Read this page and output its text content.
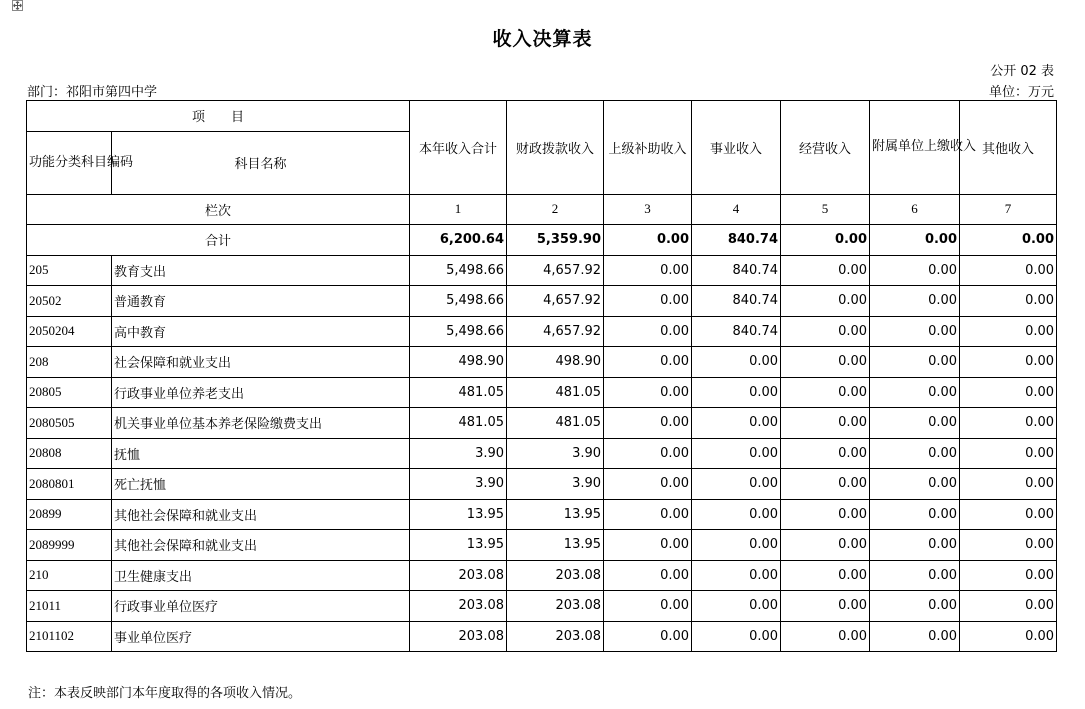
收入决算表
公开 02 表
部门：祁阳市第四中学	单位：万元
项　　目		本年收入合计	财政拨款收入	上级补助收入	事业收入	经营收入	附属单位上缴收入	其他收入
功能分类科目编码	科目名称							
栏次		1	2	3	4	5	6	7
合计		6,200.64	5,359.90	0.00	840.74	0.00	0.00	0.00
205	教育支出	5,498.66	4,657.92	0.00	840.74	0.00	0.00	0.00
20502	普通教育	5,498.66	4,657.92	0.00	840.74	0.00	0.00	0.00
2050204	高中教育	5,498.66	4,657.92	0.00	840.74	0.00	0.00	0.00
208	社会保障和就业支出	498.90	498.90	0.00	0.00	0.00	0.00	0.00
20805	行政事业单位养老支出	481.05	481.05	0.00	0.00	0.00	0.00	0.00
2080505	机关事业单位基本养老保险缴费支出	481.05	481.05	0.00	0.00	0.00	0.00	0.00
20808	抚恤	3.90	3.90	0.00	0.00	0.00	0.00	0.00
2080801	死亡抚恤	3.90	3.90	0.00	0.00	0.00	0.00	0.00
20899	其他社会保障和就业支出	13.95	13.95	0.00	0.00	0.00	0.00	0.00
2089999	其他社会保障和就业支出	13.95	13.95	0.00	0.00	0.00	0.00	0.00
210	卫生健康支出	203.08	203.08	0.00	0.00	0.00	0.00	0.00
21011	行政事业单位医疗	203.08	203.08	0.00	0.00	0.00	0.00	0.00
2101102	事业单位医疗	203.08	203.08	0.00	0.00	0.00	0.00	0.00
注：本表反映部门本年度取得的各项收入情况。
